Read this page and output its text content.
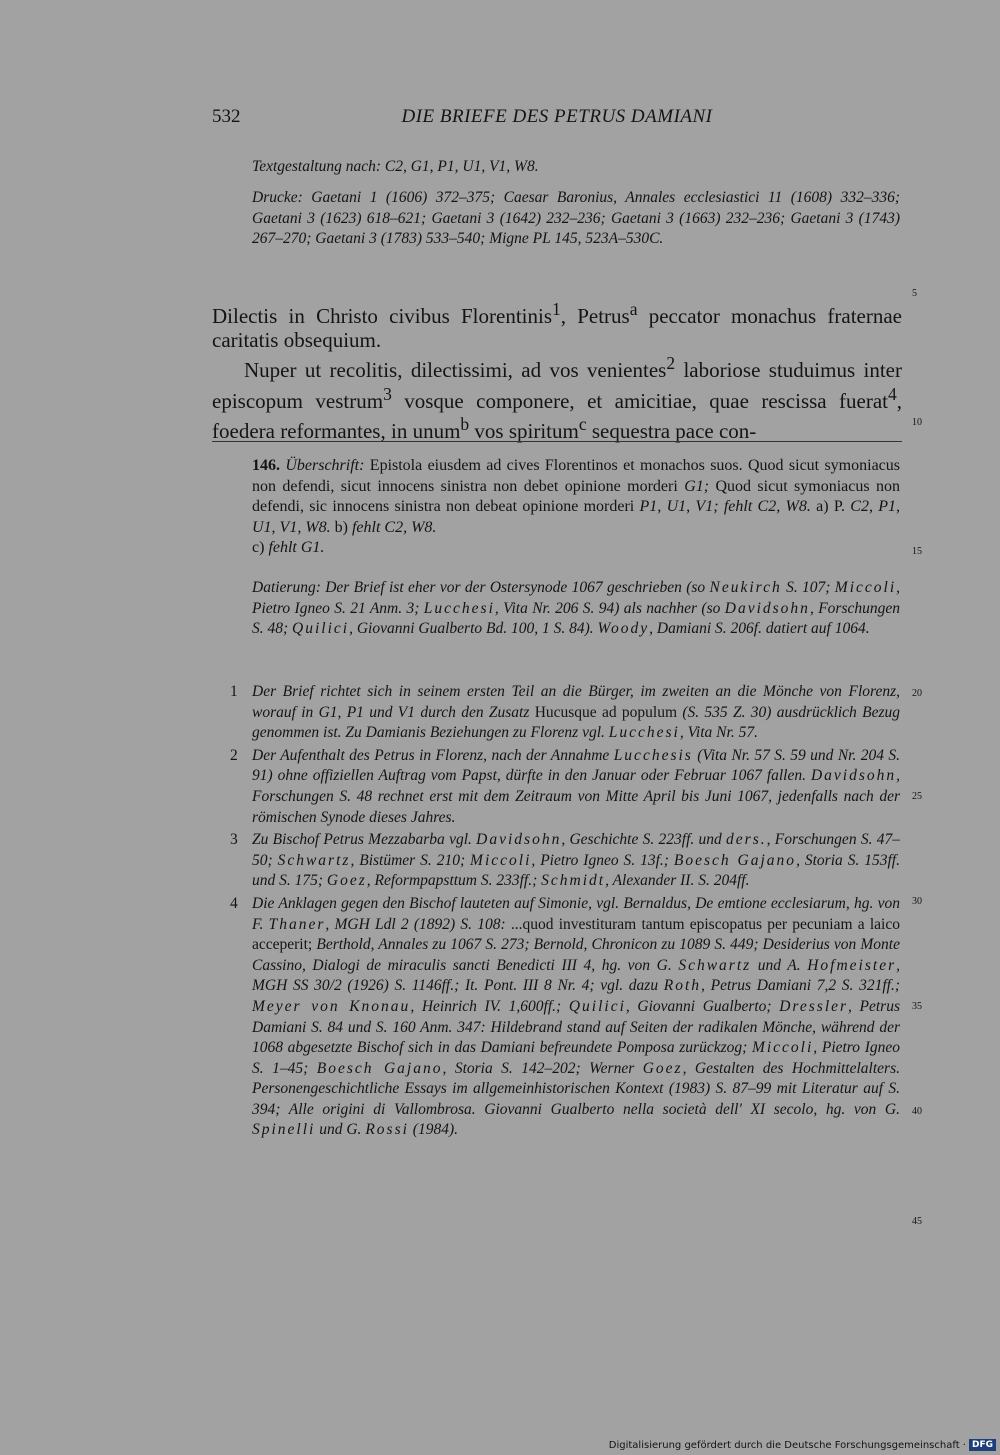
532	DIE BRIEFE DES PETRUS DAMIANI
Textgestaltung nach: C2, G1, P1, U1, V1, W8.
Drucke: Gaetani 1 (1606) 372–375; Caesar Baronius, Annales ecclesiastici 11 (1608) 332–336; Gaetani 3 (1623) 618–621; Gaetani 3 (1642) 232–236; Gaetani 3 (1663) 232–236; Gaetani 3 (1743) 267–270; Gaetani 3 (1783) 533–540; Migne PL 145, 523A–530C.

Dilectis in Christo civibus Florentinis$^1$, Petrus$^a$ peccator monachus fraternae caritatis obsequium.

Nuper ut recolitis, dilectissimi, ad vos venientes$^2$ laboriose studuimus inter episcopum vestrum$^3$ vosque componere, et amicitiae, quae rescissa fuerat$^4$, foedera reformantes, in unum$^b$ vos spiritum$^c$ sequestra pace con-

146. Überschrift: Epistola eiusdem ad cives Florentinos et monachos suos. Quod sicut symoniacus non defendi, sicut innocens sinistra non debet opinione morderi G1; Quod sicut symoniacus non defendi, sic innocens sinistra non debeat opinione morderi P1, U1, V1; fehlt C2, W8. a) P. C2, P1, U1, V1, W8. b) fehlt C2, W8.
c) fehlt G1.
Datierung: Der Brief ist eher vor der Ostersynode 1067 geschrieben (so Neukirch S. 107; Miccoli, Pietro Igneo S. 21 Anm. 3; Lucchesi, Vita Nr. 206 S. 94) als nachher (so Davidsohn, Forschungen S. 48; Quilici, Giovanni Gualberto Bd. 100, 1 S. 84). Woody, Damiani S. 206f. datiert auf 1064.
1 Der Brief richtet sich in seinem ersten Teil an die Bürger, im zweiten an die Mönche von Florenz, worauf in G1, P1 und V1 durch den Zusatz Hucusque ad populum (S. 535 Z. 30) ausdrücklich Bezug genommen ist. Zu Damianis Beziehungen zu Florenz vgl. Lucchesi, Vita Nr. 57.
2 Der Aufenthalt des Petrus in Florenz, nach der Annahme Lucchesis (Vita Nr. 57 S. 59 und Nr. 204 S. 91) ohne offiziellen Auftrag vom Papst, dürfte in den Januar oder Februar 1067 fallen. Davidsohn, Forschungen S. 48 rechnet erst mit dem Zeitraum von Mitte April bis Juni 1067, jedenfalls nach der römischen Synode dieses Jahres.
3 Zu Bischof Petrus Mezzabarba vgl. Davidsohn, Geschichte S. 223ff. und ders., Forschungen S. 47–50; Schwartz, Bistümer S. 210; Miccoli, Pietro Igneo S. 13f.; Boesch Gajano, Storia S. 153ff. und S. 175; Goez, Reformpapsttum S. 233ff.; Schmidt, Alexander II. S. 204ff.
4 Die Anklagen gegen den Bischof lauteten auf Simonie, vgl. Bernaldus, De emtione ecclesiarum, hg. von F. Thaner, MGH Ldl 2 (1892) S. 108: ...quod investituram tantum episcopatus per pecuniam a laico acceperit; Berthold, Annales zu 1067 S. 273; Bernold, Chronicon zu 1089 S. 449; Desiderius von Monte Cassino, Dialogi de miraculis sancti Benedicti III 4, hg. von G. Schwartz und A. Hofmeister, MGH SS 30/2 (1926) S. 1146ff.; It. Pont. III 8 Nr. 4; vgl. dazu Roth, Petrus Damiani 7,2 S. 321ff.; Meyer von Knonau, Heinrich IV. 1,600ff.; Quilici, Giovanni Gualberto; Dressler, Petrus Damiani S. 84 und S. 160 Anm. 347: Hildebrand stand auf Seiten der radikalen Mönche, während der 1068 abgesetzte Bischof sich in das Damiani befreundete Pomposa zurückzog; Miccoli, Pietro Igneo S. 1–45; Boesch Gajano, Storia S. 142–202; Werner Goez, Gestalten des Hochmittelalters. Personengeschichtliche Essays im allgemeinhistorischen Kontext (1983) S. 87–99 mit Literatur auf S. 394; Alle origini di Vallombrosa. Giovanni Gualberto nella società dell' XI secolo, hg. von G. Spinelli und G. Rossi (1984).
5
10
15
20
25
30
35
40
45
Digitalisierung gefördert durch die Deutsche Forschungsgemeinschaft · DFG
